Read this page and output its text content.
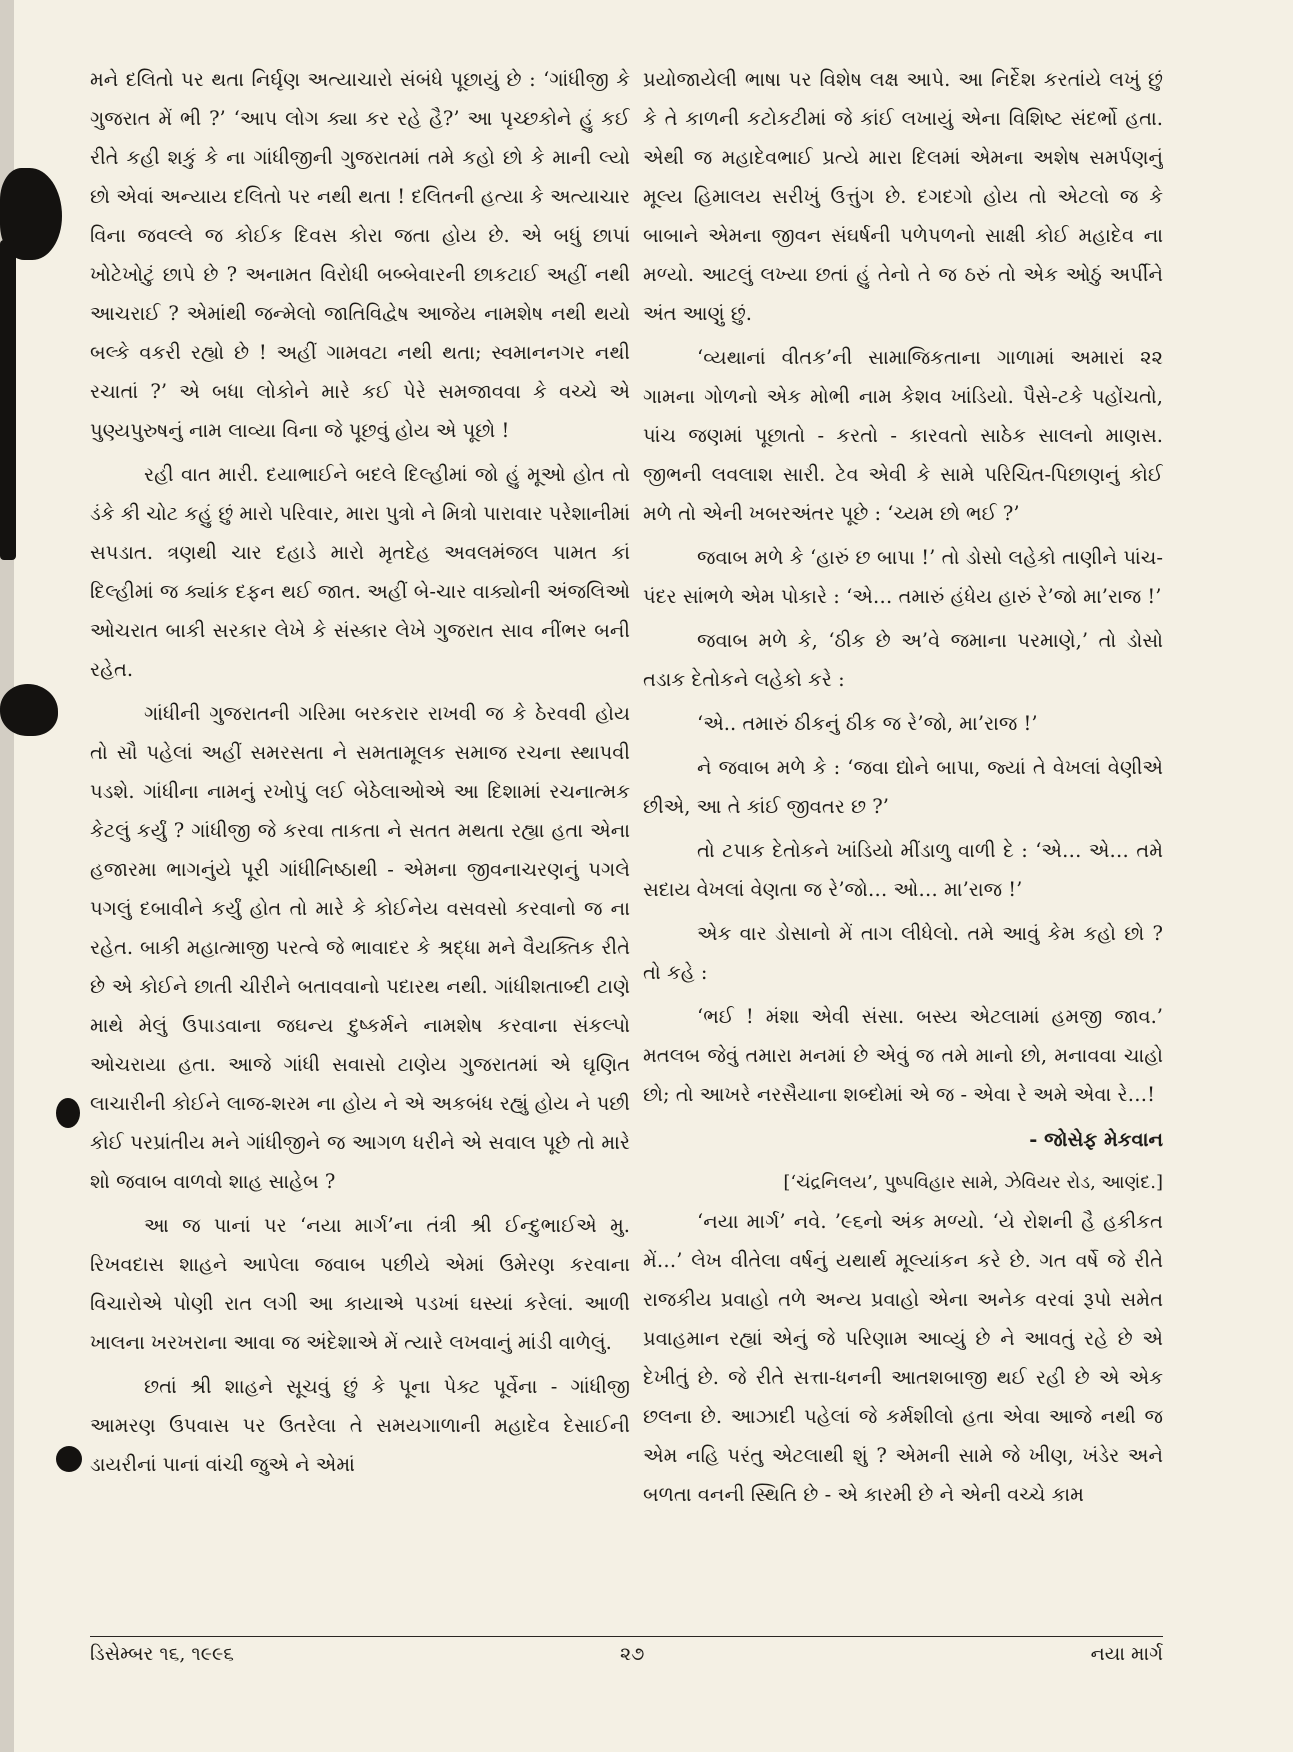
મને દલિતો પર થતા નિર્ઘૃણ અત્યાચારો સંબંધે પૂછાયું છે : ‘ગાંધીજી કે ગુજરાત મેં ભી ?’ ‘આપ લોગ ક્યા કર રહે હૈ?’ આ પૃચ્છકોને હું કઈ રીતે કહી શકું કે ના ગાંધીજીની ગુજરાતમાં તમે કહો છો કે માની લ્યો છો એવાં અન્યાય દલિતો પર નથી થતા ! દલિતની હત્યા કે અત્યાચાર વિના જવલ્લે જ કોઈક દિવસ કોરા જતા હોય છે. એ બધું છાપાં ખોટેખોટું છાપે છે ? અનામત વિરોધી બબ્બેવારની છાકટાઈ અહીં નથી આચરાઈ ? એમાંથી જન્મેલો જાતિવિદ્વેષ આજેય નામશેષ નથી થયો બલ્કે વકરી રહ્યો છે ! અહીં ગામવટા નથી થતા; સ્વમાનનગર નથી રચાતાં ?’ એ બધા લોકોને મારે કઈ પેરે સમજાવવા કે વચ્ચે એ પુણ્યપુરુષનું નામ લાવ્યા વિના જે પૂછવું હોય એ પૂછો !

રહી વાત મારી. દયાભાઈને બદલે દિલ્હીમાં જો હું મૂઓ હોત તો ડંકે કી ચોટ કહું છું મારો પરિવાર, મારા પુત્રો ને મિત્રો પારાવાર પરેશાનીમાં સપડાત. ત્રણથી ચાર દહાડે મારો મૃતદેહ અવલમંજલ પામત કાં દિલ્હીમાં જ ક્યાંક દફન થઈ જાત. અહીં બે-ચાર વાક્યોની અંજલિઓ ઓચરાત બાકી સરકાર લેખે કે સંસ્કાર લેખે ગુજરાત સાવ નીંભર બની રહેત.

ગાંધીની ગુજરાતની ગરિમા બરકરાર રાખવી જ કે ઠેરવવી હોય તો સૌ પહેલાં અહીં સમરસતા ને સમતામૂલક સમાજ રચના સ્થાપવી પડશે. ગાંધીના નામનું રખોપું લઈ બેઠેલાઓએ આ દિશામાં રચનાત્મક કેટલું કર્યું ? ગાંધીજી જે કરવા તાકતા ને સતત મથતા રહ્યા હતા એના હજારમા ભાગનુંયે પૂરી ગાંધીનિષ્ઠાથી - એમના જીવનાચરણનું પગલે પગલું દબાવીને કર્યું હોત તો મારે કે કોઈનેય વસવસો કરવાનો જ ના રહેત. બાકી મહાત્માજી પરત્વે જે ભાવાદર કે શ્રદ્ધા મને વૈયક્તિક રીતે છે એ કોઈને છાતી ચીરીને બતાવવાનો પદારથ નથી. ગાંધીશતાબ્દી ટાણે માથે મેલું ઉપાડવાના જઘન્ય દુષ્કર્મને નામશેષ કરવાના સંકલ્પો ઓચરાયા હતા. આજે ગાંધી સવાસો ટાણેય ગુજરાતમાં એ ઘૃણિત લાચારીની કોઈને લાજ-શરમ ના હોય ને એ અકબંધ રહ્યું હોય ને પછી કોઈ પરપ્રાંતીય મને ગાંધીજીને જ આગળ ધરીને એ સવાલ પૂછે તો મારે શો જવાબ વાળવો શાહ સાહેબ ?

આ જ પાનાં પર ‘નયા માર્ગ’ના તંત્રી શ્રી ઈન્દુભાઈએ મુ. રિખવદાસ શાહને આપેલા જવાબ પછીયે એમાં ઉમેરણ કરવાના વિચારોએ પોણી રાત લગી આ કાયાએ પડખાં ઘસ્યાં કરેલાં. આળી ખાલના ખરખરાના આવા જ અંદેશાએ મેં ત્યારે લખવાનું માંડી વાળેલું.

છતાં શ્રી શાહને સૂચવું છું કે પૂના પેક્ટ પૂર્વેના - ગાંધીજી આમરણ ઉપવાસ પર ઉતરેલા તે સમયગાળાની મહાદેવ દેસાઈની ડાયરીનાં પાનાં વાંચી જુએ ને એમાં

પ્રયોજાયેલી ભાષા પર વિશેષ લક્ષ આપે. આ નિર્દેશ કરતાંયે લખું છું કે તે કાળની કટોકટીમાં જે કાંઈ લખાયું એના વિશિષ્ટ સંદર્ભો હતા. એથી જ મહાદેવભાઈ પ્રત્યે મારા દિલમાં એમના અશેષ સમર્પણનું મૂલ્ય હિમાલય સરીખું ઉત્તુંગ છે. દગદગો હોય તો એટલો જ કે બાબાને એમના જીવન સંઘર્ષની પળેપળનો સાક્ષી કોઈ મહાદેવ ના મળ્યો. આટલું લખ્યા છતાં હું તેનો તે જ ઠરું તો એક ઓઠું અર્પીને અંત આણું છું.

‘વ્યથાનાં વીતક’ની સામાજિકતાના ગાળામાં અમારાં ૨૨ ગામના ગોળનો એક મોભી નામ કેશવ ખાંડિયો. પૈસે-ટકે પહોંચતો, પાંચ જણમાં પૂછાતો - કરતો - કારવતો સાઠેક સાલનો માણસ. જીભની લવલાશ સારી. ટેવ એવી કે સામે પરિચિત-પિછાણનું કોઈ મળે તો એની ખબરઅંતર પૂછે : ‘ચ્યમ છો ભઈ ?’

જવાબ મળે કે ‘હારું છ બાપા !’ તો ડોસો લહેકો તાણીને પાંચ-પંદર સાંભળે એમ પોકારે : ‘એ… તમારું હંધેય હારું રે’જો મા’રાજ !’

જવાબ મળે કે, ‘ઠીક છે અ’વે જમાના પરમાણે,’ તો ડોસો તડાક દેતોકને લહેકો કરે :

‘એ.. તમારું ઠીકનું ઠીક જ રે’જો, મા’રાજ !’

ને જવાબ મળે કે : ‘જવા દ્યોને બાપા, જ્યાં તે વેખલાં વેણીએ છીએ, આ તે કાંઈ જીવતર છ ?’

તો ટપાક દેતોકને ખાંડિયો મીંડાળુ વાળી દે : ‘એ… એ… તમે સદાય વેખલાં વેણતા જ રે’જો… ઓ… મા’રાજ !’

એક વાર ડોસાનો મેં તાગ લીધેલો. તમે આવું કેમ કહો છો ? તો કહે :

‘ભઈ ! મંશા એવી સંસા. બસ્ય એટલામાં હમજી જાવ.’ મતલબ જેવું તમારા મનમાં છે એવું જ તમે માનો છો, મનાવવા ચાહો છો; તો આખરે નરસૈયાના શબ્દોમાં એ જ - એવા રે અમે એવા રે…!

- જોસેફ મેકવાન
[‘ચંદ્રનિલય’, પુષ્પવિહાર સામે, ઝેવિયર રોડ, આણંદ.]

‘નયા માર્ગ’ નવે. ’૯૬નો અંક મળ્યો. ‘યે રોશની હૈ હકીકત મેં…’ લેખ વીતેલા વર્ષનું યથાર્થ મૂલ્યાંકન કરે છે. ગત વર્ષે જે રીતે રાજકીય પ્રવાહો તળે અન્ય પ્રવાહો એના અનેક વરવાં રૂપો સમેત પ્રવાહમાન રહ્યાં એનું જે પરિણામ આવ્યું છે ને આવતું રહે છે એ દેખીતું છે. જે રીતે સત્તા-ધનની આતશબાજી થઈ રહી છે એ એક છલના છે. આઝાદી પહેલાં જે કર્મશીલો હતા એવા આજે નથી જ એમ નહિ પરંતુ એટલાથી શું ? એમની સામે જે ખીણ, ખંડેર અને બળતા વનની સ્થિતિ છે - એ કારમી છે ને એની વચ્ચે કામ

ડિસેમ્બર ૧૬, ૧૯૯૬	૨૭	નયા માર્ગ
